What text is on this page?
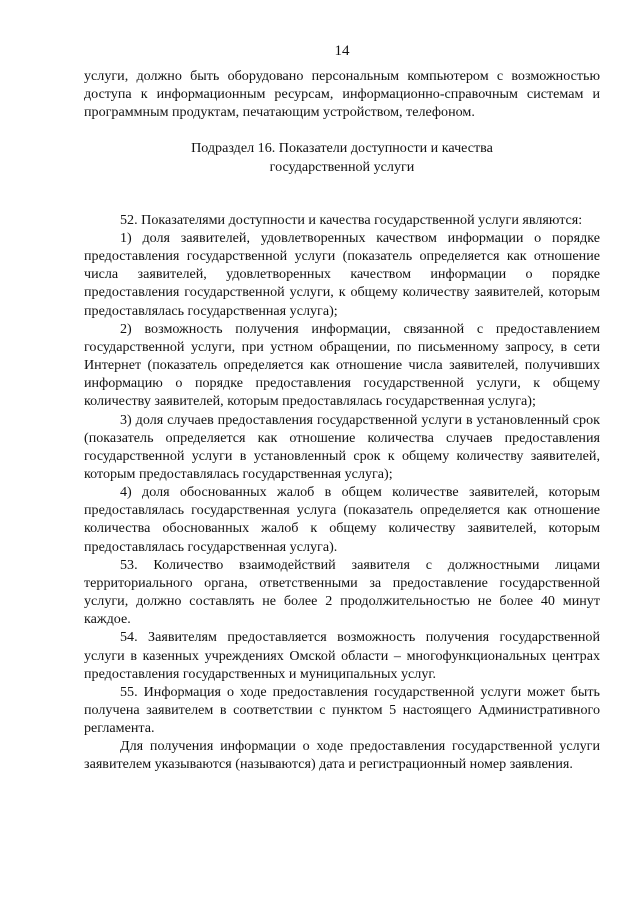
14

услуги, должно быть оборудовано персональным компьютером с возможностью доступа к информационным ресурсам, информационно-справочным системам и программным продуктам, печатающим устройством, телефоном.

Подраздел 16. Показатели доступности и качества
государственной услуги

52. Показателями доступности и качества государственной услуги являются:

1) доля заявителей, удовлетворенных качеством информации о порядке предоставления государственной услуги (показатель определяется как отношение числа заявителей, удовлетворенных качеством информации о порядке предоставления государственной услуги, к общему количеству заявителей, которым предоставлялась государственная услуга);

2) возможность получения информации, связанной с предоставлением государственной услуги, при устном обращении, по письменному запросу, в сети Интернет (показатель определяется как отношение числа заявителей, получивших информацию о порядке предоставления государственной услуги, к общему количеству заявителей, которым предоставлялась государственная услуга);

3) доля случаев предоставления государственной услуги в установленный срок (показатель определяется как отношение количества случаев предоставления государственной услуги в установленный срок к общему количеству заявителей, которым предоставлялась государственная услуга);

4) доля обоснованных жалоб в общем количестве заявителей, которым предоставлялась государственная услуга (показатель определяется как отношение количества обоснованных жалоб к общему количеству заявителей, которым предоставлялась государственная услуга).

53. Количество взаимодействий заявителя с должностными лицами территориального органа, ответственными за предоставление государственной услуги, должно составлять не более 2 продолжительностью не более 40 минут каждое.

54. Заявителям предоставляется возможность получения государственной услуги в казенных учреждениях Омской области – многофункциональных центрах предоставления государственных и муниципальных услуг.

55. Информация о ходе предоставления государственной услуги может быть получена заявителем в соответствии с пунктом 5 настоящего Административного регламента.

Для получения информации о ходе предоставления государственной услуги заявителем указываются (называются) дата и регистрационный номер заявления.
